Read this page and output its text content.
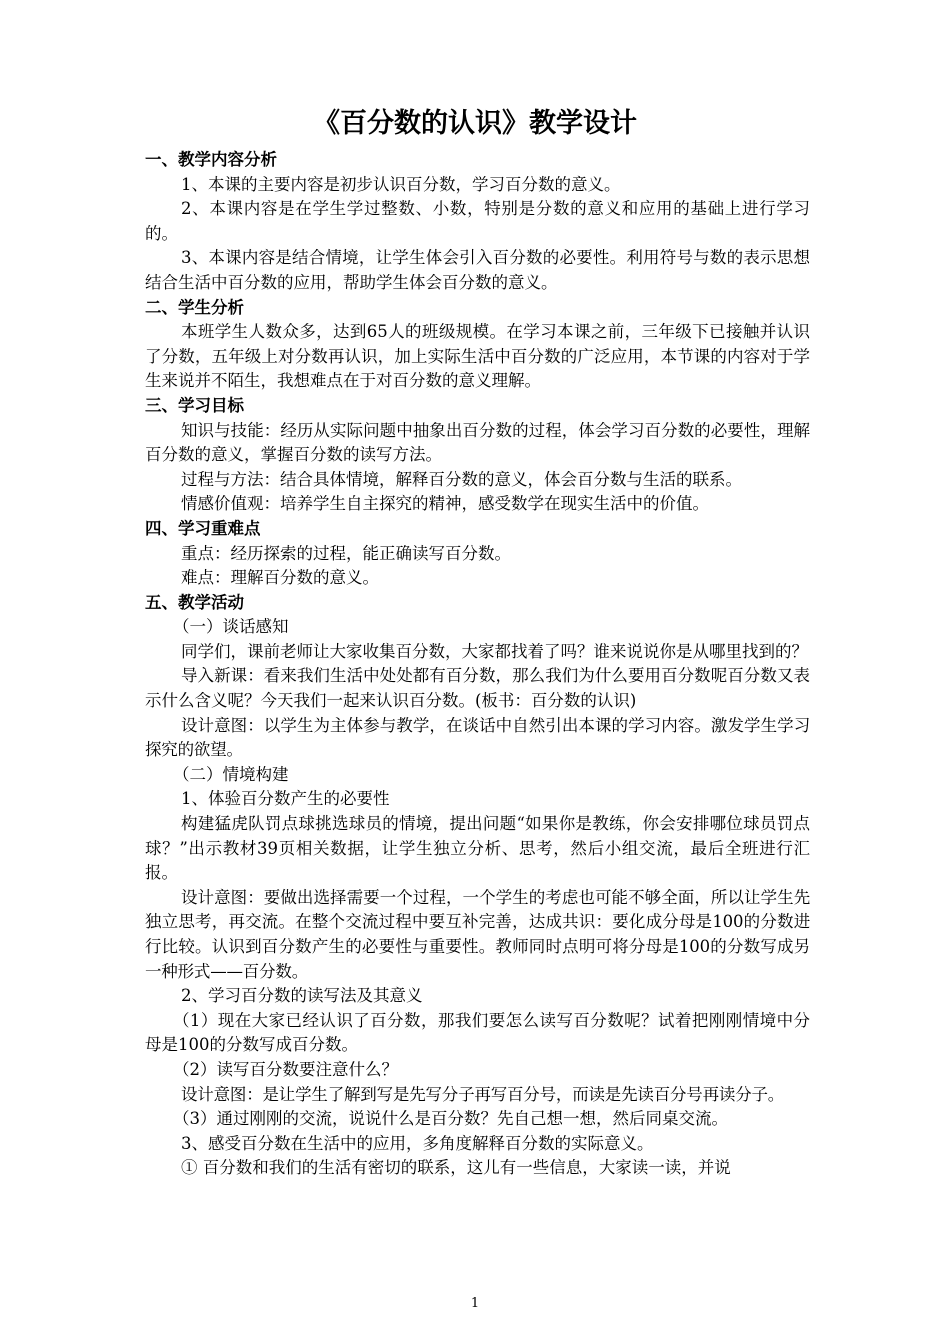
《百分数的认识》教学设计

一、教学内容分析

1、本课的主要内容是初步认识百分数，学习百分数的意义。

2、本课内容是在学生学过整数、小数，特别是分数的意义和应用的基础上进行学习的。

3、本课内容是结合情境，让学生体会引入百分数的必要性。利用符号与数的表示思想结合生活中百分数的应用，帮助学生体会百分数的意义。

二、学生分析

本班学生人数众多，达到65人的班级规模。在学习本课之前，三年级下已接触并认识了分数，五年级上对分数再认识，加上实际生活中百分数的广泛应用，本节课的内容对于学生来说并不陌生，我想难点在于对百分数的意义理解。

三、学习目标

知识与技能：经历从实际问题中抽象出百分数的过程，体会学习百分数的必要性，理解百分数的意义，掌握百分数的读写方法。

过程与方法：结合具体情境，解释百分数的意义，体会百分数与生活的联系。

情感价值观：培养学生自主探究的精神，感受数学在现实生活中的价值。

四、学习重难点

重点：经历探索的过程，能正确读写百分数。

难点：理解百分数的意义。

五、教学活动

（一）谈话感知

同学们，课前老师让大家收集百分数，大家都找着了吗？谁来说说你是从哪里找到的？

导入新课：看来我们生活中处处都有百分数，那么我们为什么要用百分数呢百分数又表示什么含义呢？今天我们一起来认识百分数。(板书：百分数的认识)

设计意图：以学生为主体参与教学，在谈话中自然引出本课的学习内容。激发学生学习探究的欲望。

（二）情境构建

1、体验百分数产生的必要性

构建猛虎队罚点球挑选球员的情境，提出问题“如果你是教练，你会安排哪位球员罚点球？”出示教材39页相关数据，让学生独立分析、思考，然后小组交流，最后全班进行汇报。

设计意图：要做出选择需要一个过程，一个学生的考虑也可能不够全面，所以让学生先独立思考，再交流。在整个交流过程中要互补完善，达成共识：要化成分母是100的分数进行比较。认识到百分数产生的必要性与重要性。教师同时点明可将分母是100的分数写成另一种形式——百分数。

2、学习百分数的读写法及其意义

（1）现在大家已经认识了百分数，那我们要怎么读写百分数呢？试着把刚刚情境中分母是100的分数写成百分数。

（2）读写百分数要注意什么？

设计意图：是让学生了解到写是先写分子再写百分号，而读是先读百分号再读分子。

（3）通过刚刚的交流，说说什么是百分数？先自己想一想，然后同桌交流。

3、感受百分数在生活中的应用，多角度解释百分数的实际意义。

① 百分数和我们的生活有密切的联系，这儿有一些信息，大家读一读，并说

1
